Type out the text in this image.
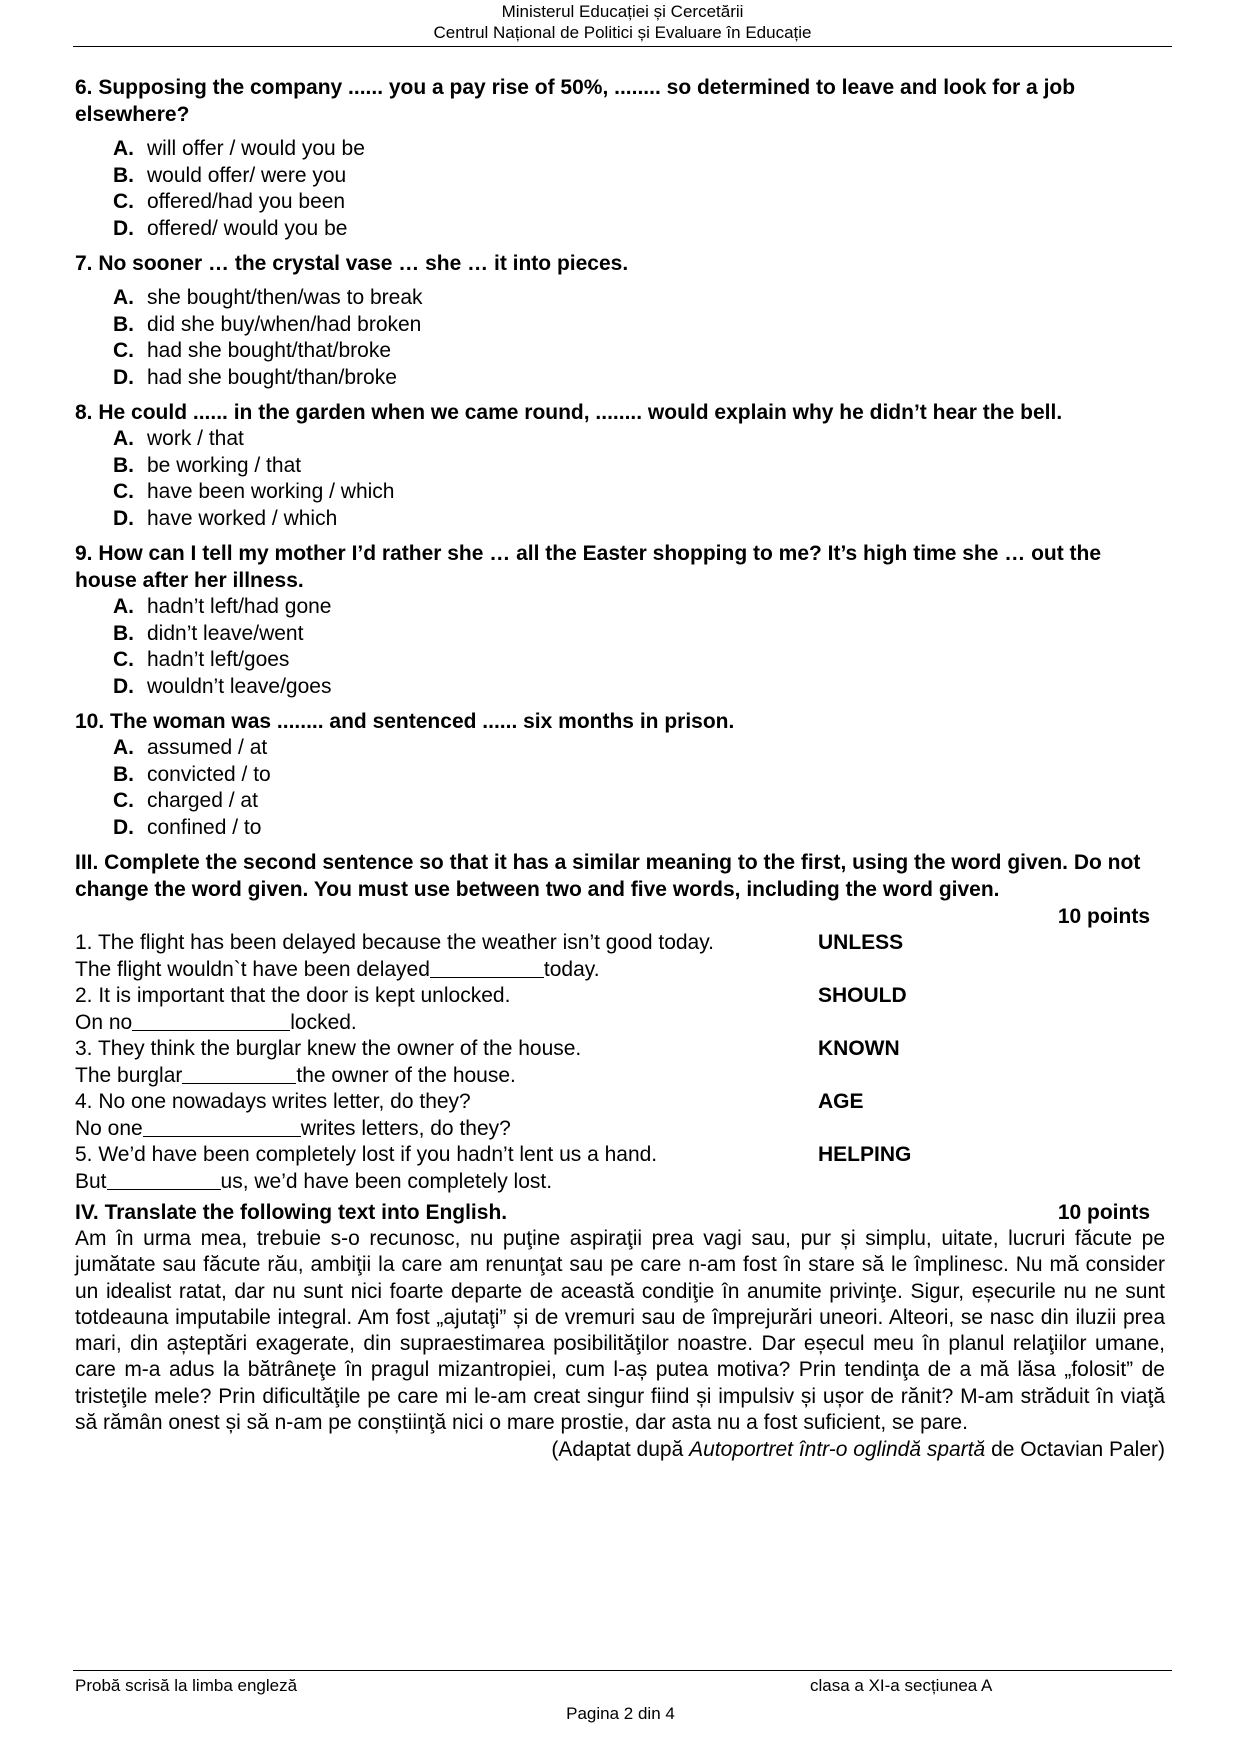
Ministerul Educației și Cercetării
Centrul Național de Politici și Evaluare în Educație
6. Supposing the company ...... you a pay rise of 50%, ........ so determined to leave and look for a job elsewhere?
A. will offer / would you be
B. would offer/ were you
C. offered/had you been
D. offered/ would you be
7. No sooner … the crystal vase … she … it into pieces.
A. she bought/then/was to break
B. did she buy/when/had broken
C. had she bought/that/broke
D. had she bought/than/broke
8. He could ...... in the garden when we came round, ........ would explain why he didn’t hear the bell.
A. work / that
B. be working / that
C. have been working / which
D. have worked / which
9. How can I tell my mother I’d rather she … all the Easter shopping to me? It’s high time she … out the house after her illness.
A. hadn’t left/had gone
B. didn’t leave/went
C. hadn’t left/goes
D. wouldn’t leave/goes
10. The woman was ........ and sentenced ...... six months in prison.
A. assumed / at
B. convicted / to
C. charged / at
D. confined / to
III. Complete the second sentence so that it has a similar meaning to the first, using the word given. Do not change the word given. You must use between two and five words, including the word given.
10 points
1. The flight has been delayed because the weather isn’t good today.	UNLESS
The flight wouldn`t have been delayed	today.
2. It is important that the door is kept unlocked.	SHOULD
On no	locked.
3. They think the burglar knew the owner of the house.	KNOWN
The burglar	the owner of the house.
4. No one nowadays writes letter, do they?	AGE
No one	writes letters, do they?
5. We’d have been completely lost if you hadn’t lent us a hand.	HELPING
But	us, we’d have been completely lost.
IV. Translate the following text into English.	10 points
Am în urma mea, trebuie s-o recunosc, nu puţine aspiraţii prea vagi sau, pur și simplu, uitate, lucruri făcute pe jumătate sau făcute rău, ambiţii la care am renunţat sau pe care n-am fost în stare să le împlinesc. Nu mă consider un idealist ratat, dar nu sunt nici foarte departe de această condiţie în anumite privinţe. Sigur, eșecurile nu ne sunt totdeauna imputabile integral. Am fost „ajutaţi” și de vremuri sau de împrejurări uneori. Alteori, se nasc din iluzii prea mari, din așteptări exagerate, din supraestimarea posibilităţilor noastre. Dar eșecul meu în planul relaţiilor umane, care m-a adus la bătrâneţe în pragul mizantropiei, cum l-aș putea motiva? Prin tendinţa de a mă lăsa „folosit” de tristeţile mele? Prin dificultăţile pe care mi le-am creat singur fiind și impulsiv și ușor de rănit? M-am străduit în viaţă să rămân onest și să n-am pe conștiinţă nici o mare prostie, dar asta nu a fost suficient, se pare.
(Adaptat după Autoportret într-o oglindă spartă de Octavian Paler)
Probă scrisă la limba engleză	clasa a XI-a secțiunea A
Pagina 2 din 4
